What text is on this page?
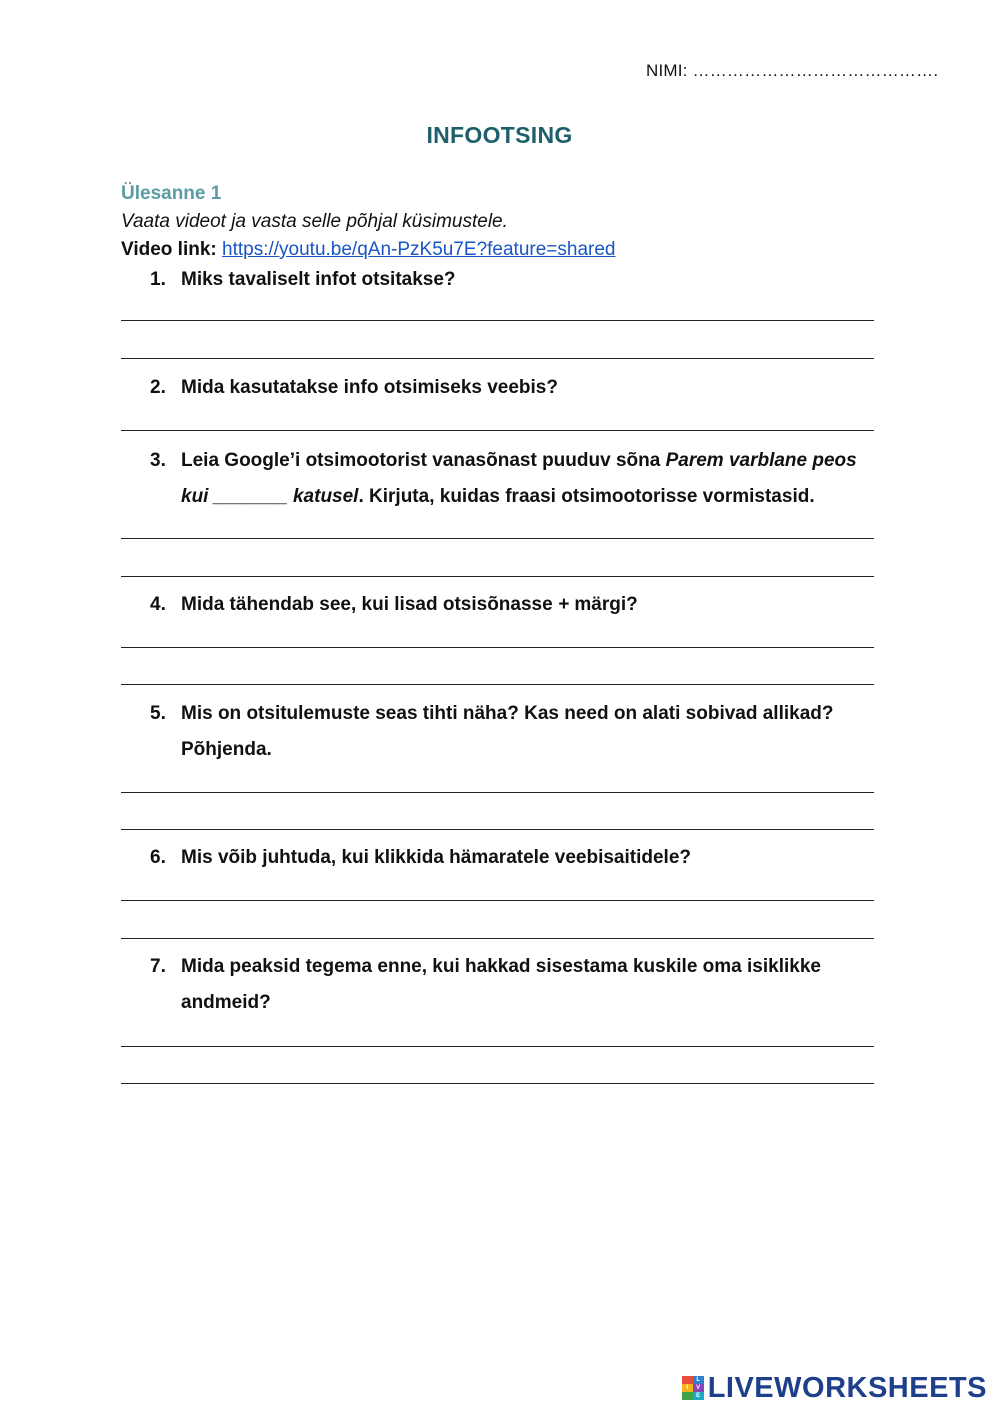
NIMI: …………………………………….
INFOOTSING
Ülesanne 1
Vaata videot ja vasta selle põhjal küsimustele.
Video link: https://youtu.be/qAn-PzK5u7E?feature=shared
1. Miks tavaliselt infot otsitakse?
2. Mida kasutatakse info otsimiseks veebis?
3. Leia Google’i otsimootorist vanasõnast puuduv sõna Parem varblane peos kui _______ katusel. Kirjuta, kuidas fraasi otsimootorisse vormistasid.
4. Mida tähendab see, kui lisad otsisõnasse + märgi?
5. Mis on otsitulemuste seas tihti näha? Kas need on alati sobivad allikad? Põhjenda.
6. Mis võib juhtuda, kui klikkida hämaratele veebisaitidele?
7. Mida peaksid tegema enne, kui hakkad sisestama kuskile oma isiklikke andmeid?
L
I	V
E LIVEWORKSHEETS
